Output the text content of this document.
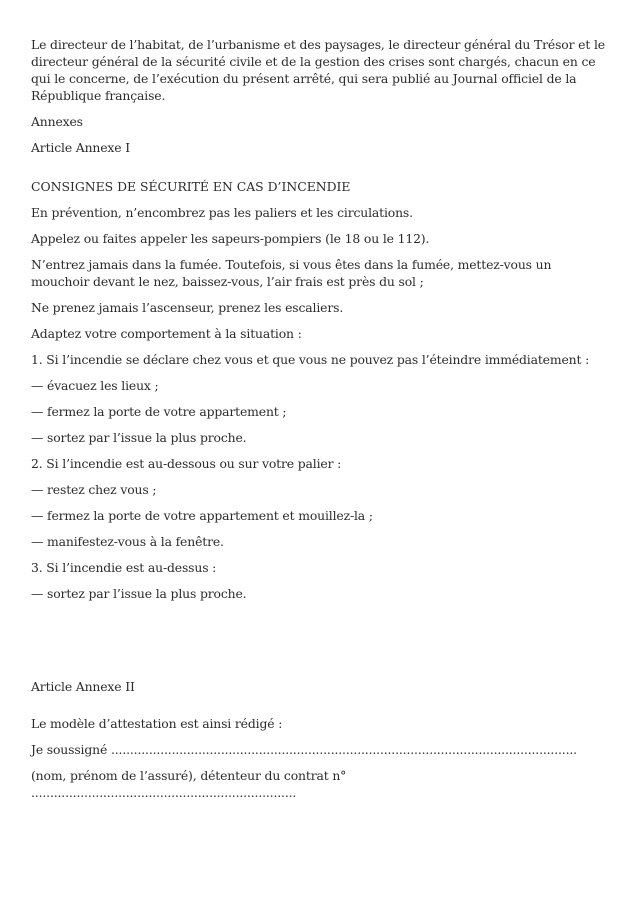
Le directeur de l’habitat, de l’urbanisme et des paysages, le directeur général du Trésor et le directeur général de la sécurité civile et de la gestion des crises sont chargés, chacun en ce qui le concerne, de l’exécution du présent arrêté, qui sera publié au Journal officiel de la République française.

Annexes

Article Annexe I

CONSIGNES DE SÉCURITÉ EN CAS D’INCENDIE

En prévention, n’encombrez pas les paliers et les circulations.

Appelez ou faites appeler les sapeurs-pompiers (le 18 ou le 112).

N’entrez jamais dans la fumée. Toutefois, si vous êtes dans la fumée, mettez-vous un mouchoir devant le nez, baissez-vous, l’air frais est près du sol ;

Ne prenez jamais l’ascenseur, prenez les escaliers.

Adaptez votre comportement à la situation :

1. Si l’incendie se déclare chez vous et que vous ne pouvez pas l’éteindre immédiatement :

— évacuez les lieux ;

— fermez la porte de votre appartement ;

— sortez par l’issue la plus proche.

2. Si l’incendie est au-dessous ou sur votre palier :

— restez chez vous ;

— fermez la porte de votre appartement et mouillez-la ;

— manifestez-vous à la fenêtre.

3. Si l’incendie est au-dessus :

— sortez par l’issue la plus proche.

Article Annexe II

Le modèle d’attestation est ainsi rédigé :

Je soussigné ...........................................................................................................................

(nom, prénom de l’assuré), détenteur du contrat n° ......................................................................
